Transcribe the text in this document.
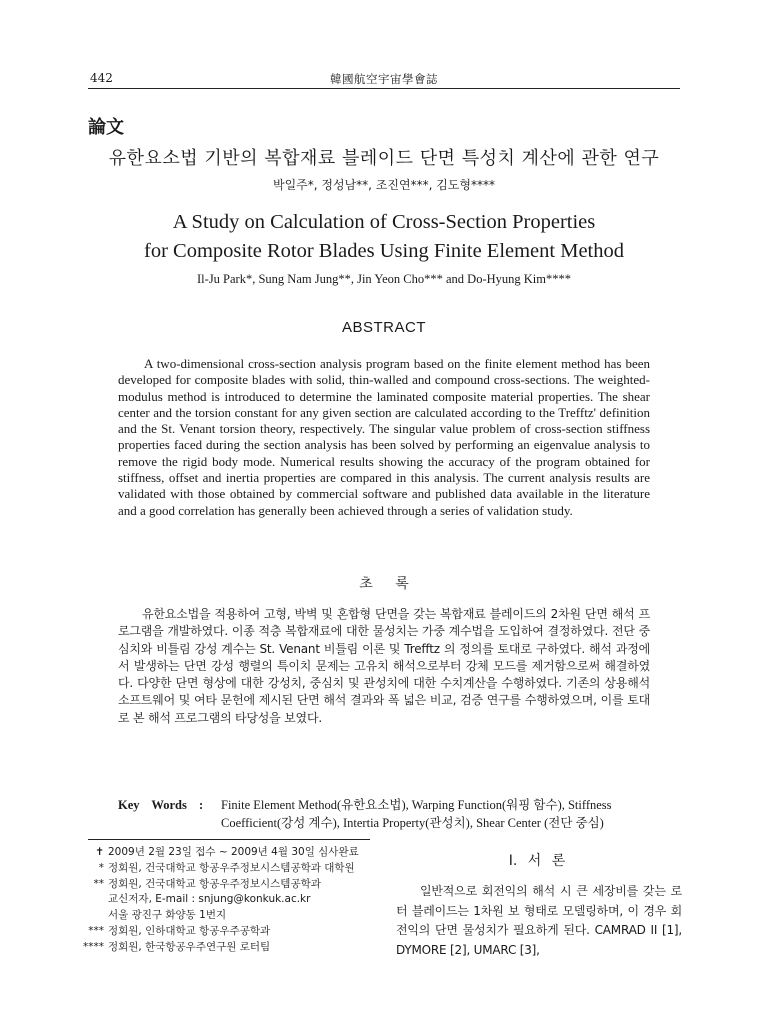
442	韓國航空宇宙學會誌
論文
유한요소법 기반의 복합재료 블레이드 단면 특성치 계산에 관한 연구
박일주*, 정성남**, 조진연***, 김도형****
A Study on Calculation of Cross-Section Properties
for Composite Rotor Blades Using Finite Element Method
Il-Ju Park*, Sung Nam Jung**, Jin Yeon Cho*** and Do-Hyung Kim****
ABSTRACT

A two-dimensional cross-section analysis program based on the finite element method has been developed for composite blades with solid, thin-walled and compound cross-sections. The weighted-modulus method is introduced to determine the laminated composite material properties. The shear center and the torsion constant for any given section are calculated according to the Trefftz' definition and the St. Venant torsion theory, respectively. The singular value problem of cross-section stiffness properties faced during the section analysis has been solved by performing an eigenvalue analysis to remove the rigid body mode. Numerical results showing the accuracy of the program obtained for stiffness, offset and inertia properties are compared in this analysis. The current analysis results are validated with those obtained by commercial software and published data available in the literature and a good correlation has generally been achieved through a series of validation study.

초 록

유한요소법을 적용하여 고형, 박벽 및 혼합형 단면을 갖는 복합재료 블레이드의 2차원 단면 해석 프로그램을 개발하였다. 이종 적층 복합재료에 대한 물성치는 가중 계수법을 도입하여 결정하였다. 전단 중심치와 비틀림 강성 계수는 St. Venant 비틀림 이론 및 Trefftz 의 정의를 토대로 구하였다. 해석 과정에서 발생하는 단면 강성 행렬의 특이치 문제는 고유치 해석으로부터 강체 모드를 제거함으로써 해결하였다. 다양한 단면 형상에 대한 강성치, 중심치 및 관성치에 대한 수치계산을 수행하였다. 기존의 상용해석 소프트웨어 및 여타 문헌에 제시된 단면 해석 결과와 폭 넓은 비교, 검증 연구를 수행하였으며, 이를 토대로 본 해석 프로그램의 타당성을 보였다.

Key Words :	Finite Element Method(유한요소법), Warping Function(워핑 함수), Stiffness Coefficient(강성 계수), Intertia Property(관성치), Shear Center (전단 중심)
✝ 2009년 2월 23일 접수 ~ 2009년 4월 30일 심사완료
* 정회원, 건국대학교 항공우주정보시스템공학과 대학원
** 정회원, 건국대학교 항공우주정보시스템공학과
교신저자, E-mail : snjung@konkuk.ac.kr
서울 광진구 화양동 1번지
*** 정회원, 인하대학교 항공우주공학과
**** 정회원, 한국항공우주연구원 로터팀
Ⅰ. 서 론

일반적으로 회전익의 해석 시 큰 세장비를 갖는 로터 블레이드는 1차원 보 형태로 모델링하며, 이 경우 회전익의 단면 물성치가 필요하게 된다. CAMRAD II [1], DYMORE [2], UMARC [3],
